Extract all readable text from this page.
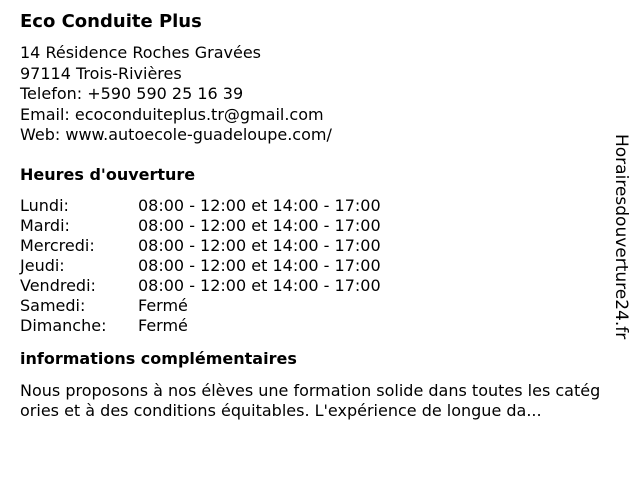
Eco Conduite Plus
14 Résidence Roches Gravées
97114 Trois-Rivières
Telefon: +590 590 25 16 39
Email: ecoconduiteplus.tr@gmail.com
Web: www.autoecole-guadeloupe.com/
Heures d'ouverture
Lundi:	08:00 - 12:00 et 14:00 - 17:00
Mardi:	08:00 - 12:00 et 14:00 - 17:00
Mercredi:	08:00 - 12:00 et 14:00 - 17:00
Jeudi:	08:00 - 12:00 et 14:00 - 17:00
Vendredi:	08:00 - 12:00 et 14:00 - 17:00
Samedi:	Fermé
Dimanche:	Fermé
informations complémentaires
Nous proposons à nos élèves une formation solide dans toutes les catégories et à des conditions équitables. L'expérience de longue da...
Horairesdouverture24.fr
